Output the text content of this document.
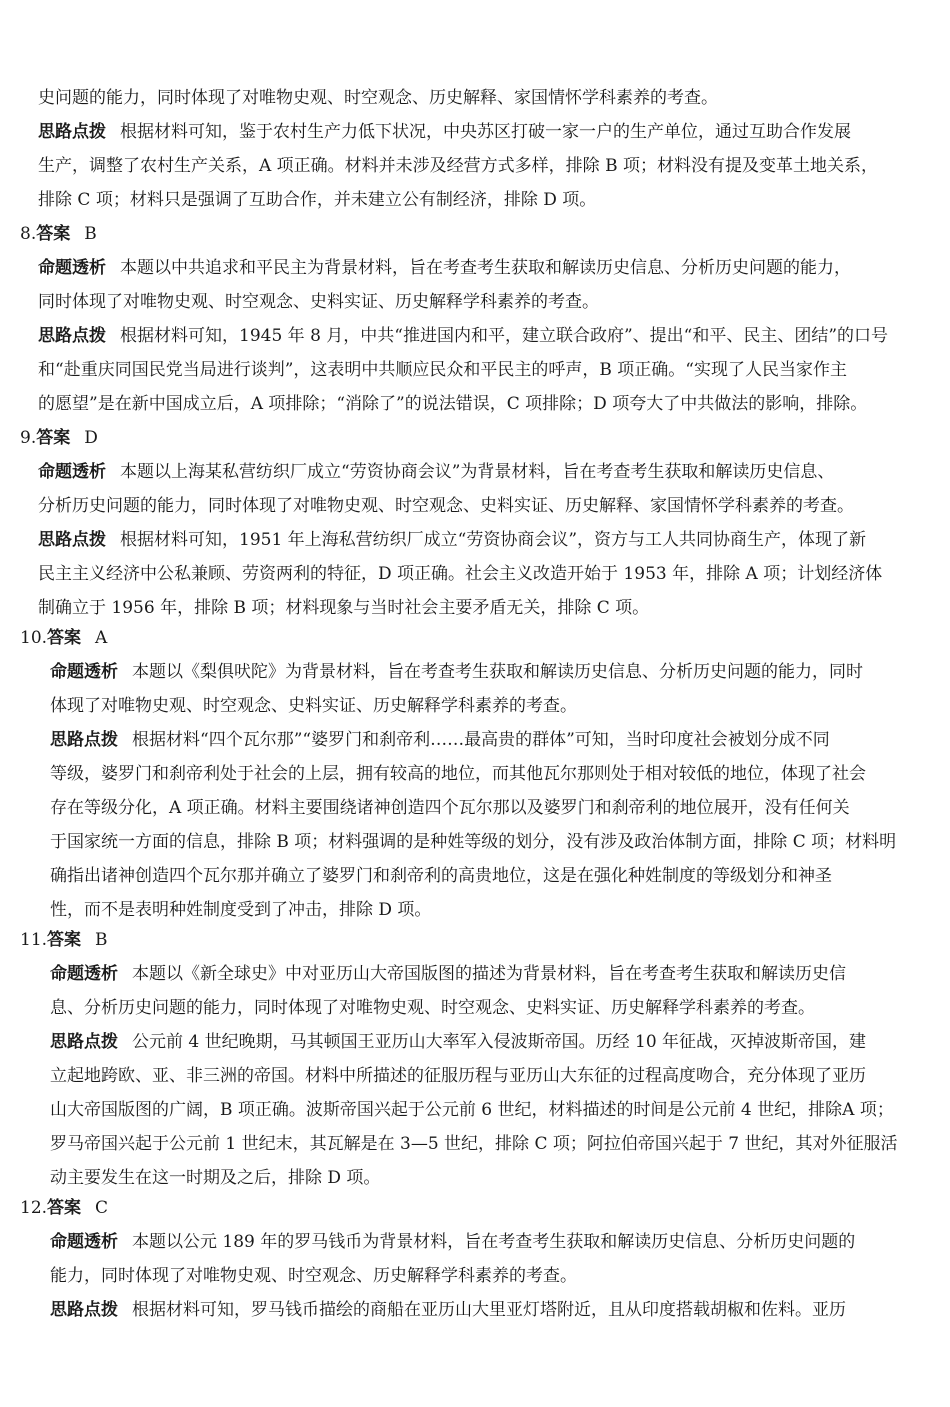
史问题的能力，同时体现了对唯物史观、时空观念、历史解释、家国情怀学科素养的考查。
思路点拨 根据材料可知，鉴于农村生产力低下状况，中央苏区打破一家一户的生产单位，通过互助合作发展
生产，调整了农村生产关系，A 项正确。材料并未涉及经营方式多样，排除 B 项；材料没有提及变革土地关系，
排除 C 项；材料只是强调了互助合作，并未建立公有制经济，排除 D 项。
8.答案 B
命题透析 本题以中共追求和平民主为背景材料，旨在考查考生获取和解读历史信息、分析历史问题的能力，
同时体现了对唯物史观、时空观念、史料实证、历史解释学科素养的考查。
思路点拨 根据材料可知，1945 年 8 月，中共“推进国内和平，建立联合政府”、提出“和平、民主、团结”的口号
和“赴重庆同国民党当局进行谈判”，这表明中共顺应民众和平民主的呼声，B 项正确。“实现了人民当家作主
的愿望”是在新中国成立后，A 项排除；“消除了”的说法错误，C 项排除；D 项夸大了中共做法的影响，排除。
9.答案 D
命题透析 本题以上海某私营纺织厂成立“劳资协商会议”为背景材料，旨在考查考生获取和解读历史信息、
分析历史问题的能力，同时体现了对唯物史观、时空观念、史料实证、历史解释、家国情怀学科素养的考查。
思路点拨 根据材料可知，1951 年上海私营纺织厂成立“劳资协商会议”，资方与工人共同协商生产，体现了新
民主主义经济中公私兼顾、劳资两利的特征，D 项正确。社会主义改造开始于 1953 年，排除 A 项；计划经济体
制确立于 1956 年，排除 B 项；材料现象与当时社会主要矛盾无关，排除 C 项。
10.答案 A
命题透析 本题以《梨俱吠陀》为背景材料，旨在考查考生获取和解读历史信息、分析历史问题的能力，同时
体现了对唯物史观、时空观念、史料实证、历史解释学科素养的考查。
思路点拨 根据材料“四个瓦尔那”“婆罗门和刹帝利……最高贵的群体”可知，当时印度社会被划分成不同
等级，婆罗门和刹帝利处于社会的上层，拥有较高的地位，而其他瓦尔那则处于相对较低的地位，体现了社会
存在等级分化，A 项正确。材料主要围绕诸神创造四个瓦尔那以及婆罗门和刹帝利的地位展开，没有任何关
于国家统一方面的信息，排除 B 项；材料强调的是种姓等级的划分，没有涉及政治体制方面，排除 C 项；材料明
确指出诸神创造四个瓦尔那并确立了婆罗门和刹帝利的高贵地位，这是在强化种姓制度的等级划分和神圣
性，而不是表明种姓制度受到了冲击，排除 D 项。
11.答案 B
命题透析 本题以《新全球史》中对亚历山大帝国版图的描述为背景材料，旨在考查考生获取和解读历史信
息、分析历史问题的能力，同时体现了对唯物史观、时空观念、史料实证、历史解释学科素养的考查。
思路点拨 公元前 4 世纪晚期，马其顿国王亚历山大率军入侵波斯帝国。历经 10 年征战，灭掉波斯帝国，建
立起地跨欧、亚、非三洲的帝国。材料中所描述的征服历程与亚历山大东征的过程高度吻合，充分体现了亚历
山大帝国版图的广阔，B 项正确。波斯帝国兴起于公元前 6 世纪，材料描述的时间是公元前 4 世纪，排除A 项；
罗马帝国兴起于公元前 1 世纪末，其瓦解是在 3—5 世纪，排除 C 项；阿拉伯帝国兴起于 7 世纪，其对外征服活
动主要发生在这一时期及之后，排除 D 项。
12.答案 C
命题透析 本题以公元 189 年的罗马钱币为背景材料，旨在考查考生获取和解读历史信息、分析历史问题的
能力，同时体现了对唯物史观、时空观念、历史解释学科素养的考查。
思路点拨 根据材料可知，罗马钱币描绘的商船在亚历山大里亚灯塔附近，且从印度搭载胡椒和佐料。亚历
